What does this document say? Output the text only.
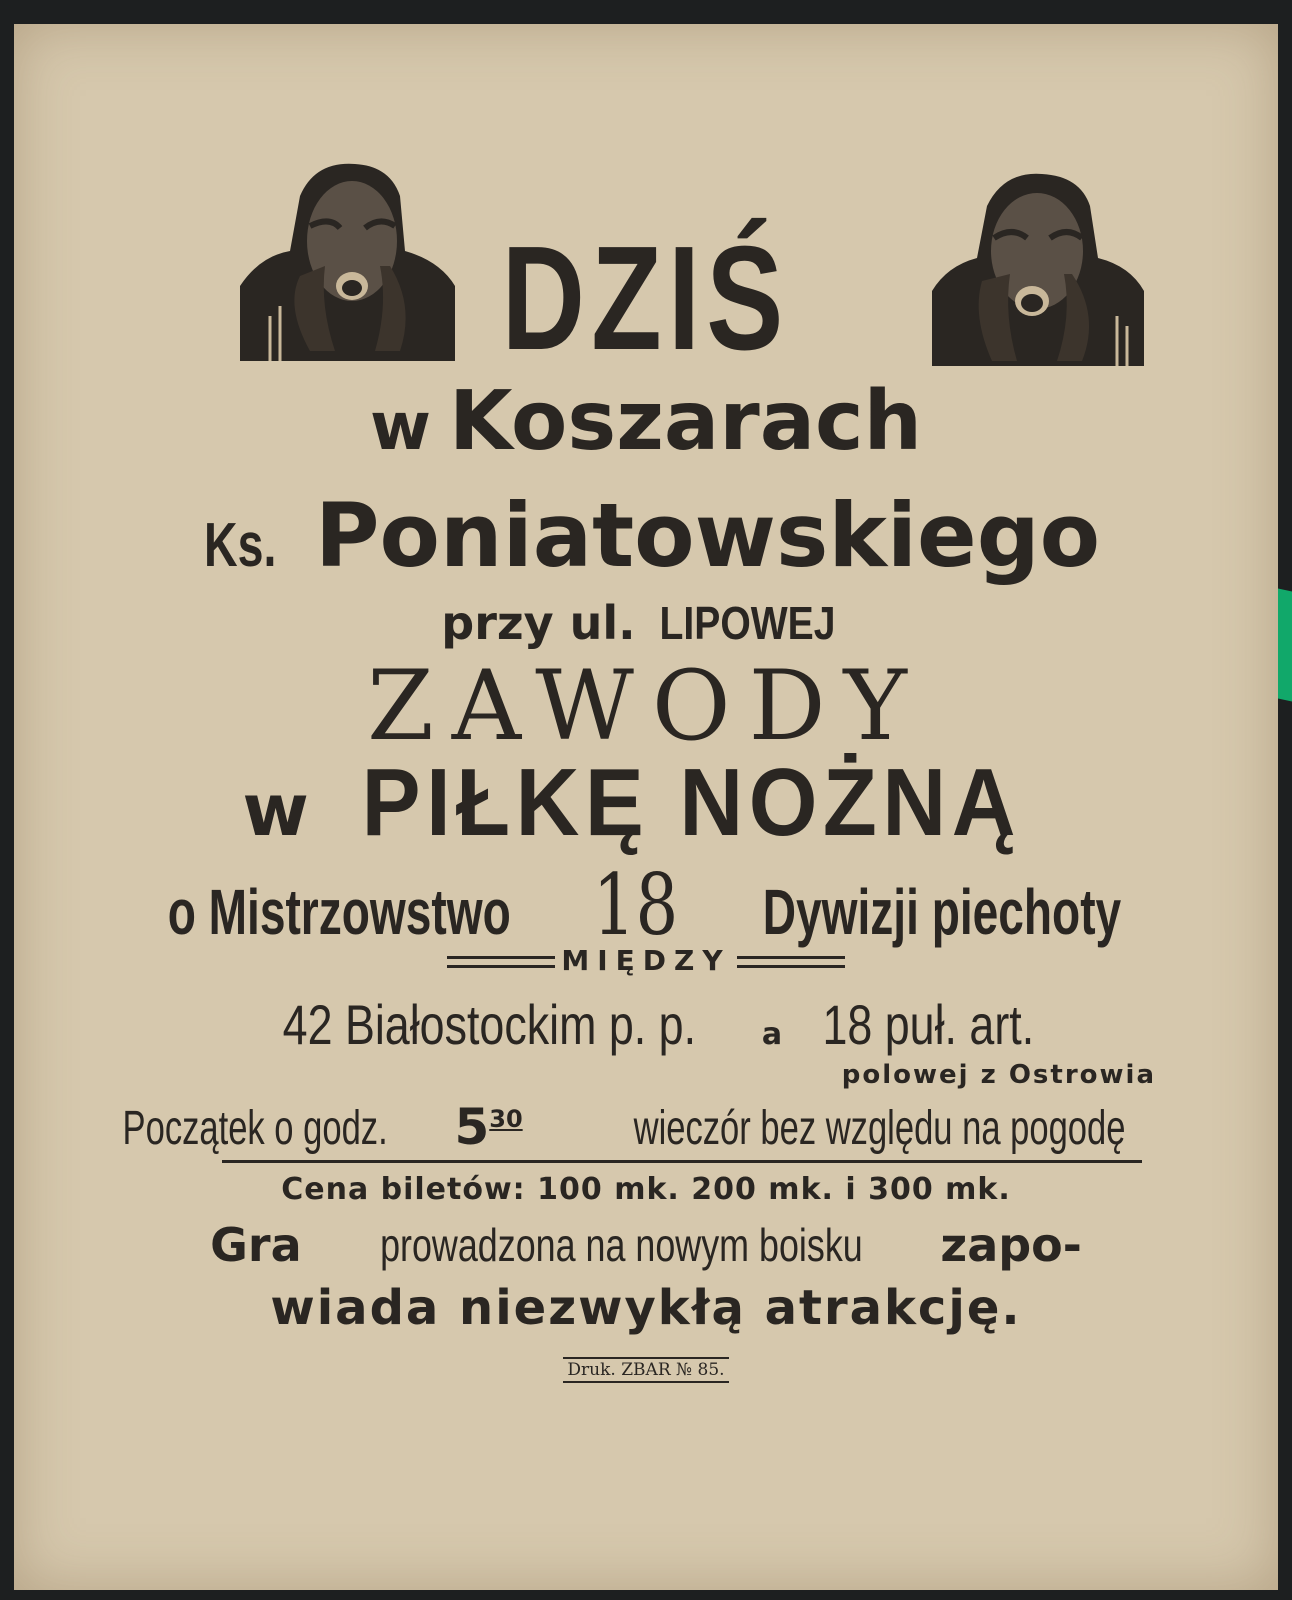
DZIŚ
w Koszarach
Ks. Poniatowskiego
przy ul. LIPOWEJ
ZAWODY
w PIŁKĘ NOŻNĄ
o Mistrzowstwo 18 Dywizji piechoty
MIĘDZY
42 Białostockim p. p. a 18 puł. art.
polowej z Ostrowia
Początek o godz. $5^{30}$ wieczór bez względu na pogodę
Cena biletów: 100 mk. 200 mk. i 300 mk.
Gra prowadzona na nowym boisku zapo-
wiada niezwykłą atrakcję.
Druk. ZBAR № 85.
